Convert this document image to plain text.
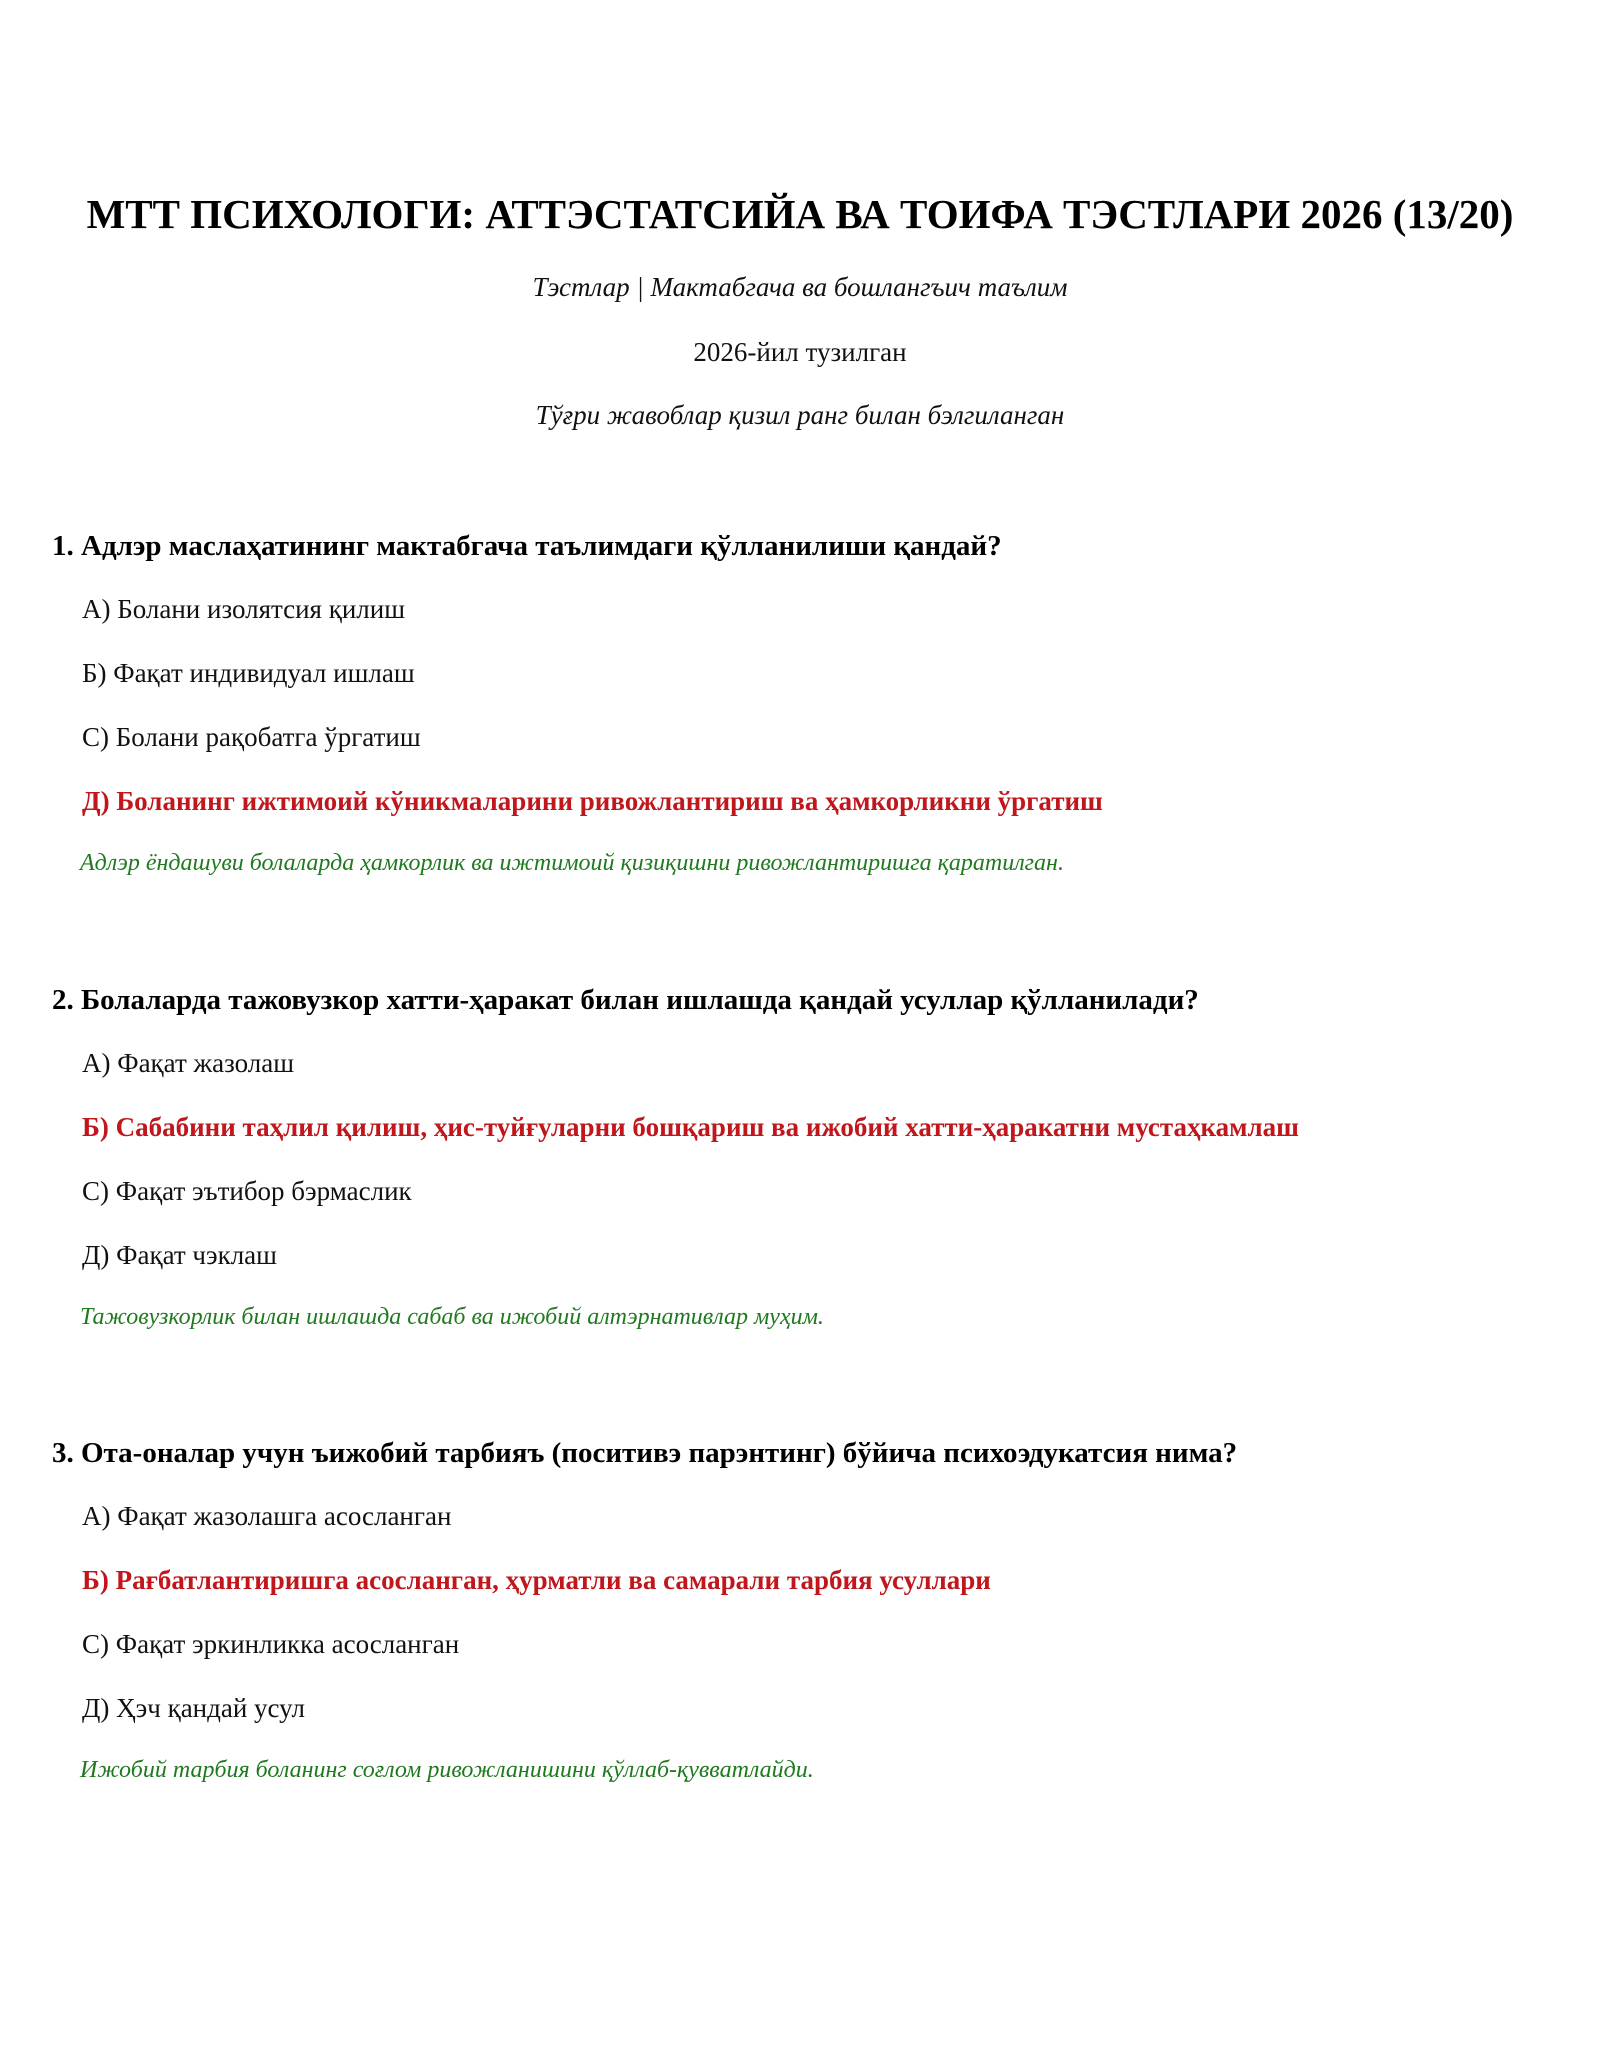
МТТ ПСИХОЛОГИ: АТТЭСТАТСИЙА ВА ТОИФА ТЭСТЛАРИ 2026 (13/20)
Тэстлар | Мактабгача ва бошлангъич таълим
2026-йил тузилган
Тўғри жавоблар қизил ранг билан бэлгиланган

1. Адлэр маслаҳатининг мактабгача таълимдаги қўлланилиши қандай?

А) Болани изолятсия қилиш
Б) Фақат индивидуал ишлаш
С) Болани рақобатга ўргатиш
Д) Боланинг ижтимоий кўникмаларини ривожлантириш ва ҳамкорликни ўргатиш

Адлэр ёндашуви болаларда ҳамкорлик ва ижтимоий қизиқишни ривожлантиришга қаратилган.

2. Болаларда тажовузкор хатти-ҳаракат билан ишлашда қандай усуллар қўлланилади?

А) Фақат жазолаш
Б) Сабабини таҳлил қилиш, ҳис-туйғуларни бошқариш ва ижобий хатти-ҳаракатни мустаҳкамлаш
С) Фақат эътибор бэрмаслик
Д) Фақат чэклаш

Тажовузкорлик билан ишлашда сабаб ва ижобий алтэрнативлар муҳим.

3. Ота-оналар учун ъижобий тарбияъ (поситивэ парэнтинг) бўйича психоэдукатсия нима?

А) Фақат жазолашга асосланган
Б) Рағбатлантиришга асосланган, ҳурматли ва самарали тарбия усуллари
С) Фақат эркинликка асосланган
Д) Ҳэч қандай усул

Ижобий тарбия боланинг соғлом ривожланишини қўллаб-қувватлайди.
